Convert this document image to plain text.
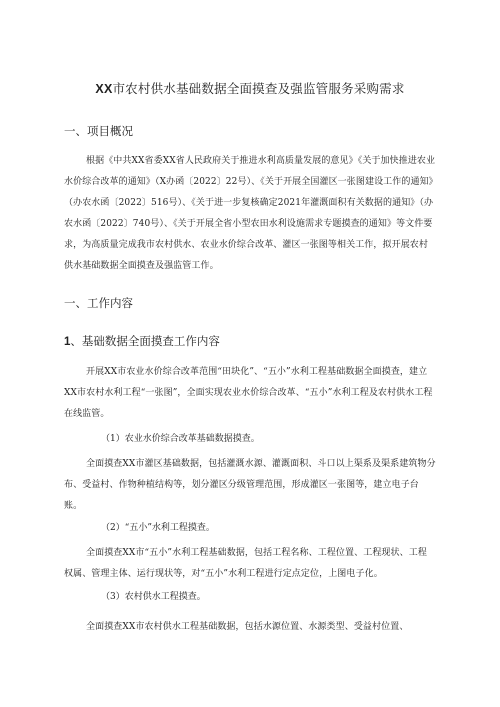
XX市农村供水基础数据全面摸查及强监管服务采购需求
一、项目概况

根据《中共XX省委XX省人民政府关于推进水利高质量发展的意见》《关于加快推进农业水价综合改革的通知》（X办函〔2022〕22号）、《关于开展全国灌区一张图建设工作的通知》（办农水函〔2022〕516号）、《关于进一步复核确定2021年灌溉面积有关数据的通知》（办农水函〔2022〕740号）、《关于开展全省小型农田水利设施需求专题摸查的通知》等文件要求，为高质量完成我市农村供水、农业水价综合改革、灌区一张图等相关工作，拟开展农村供水基础数据全面摸查及强监管工作。

一、工作内容
1、基础数据全面摸查工作内容

开展XX市农业水价综合改革范围“田块化”、“五小”水利工程基础数据全面摸查，建立XX市农村水利工程“一张图”，全面实现农业水价综合改革、“五小”水利工程及农村供水工程在线监管。

（1）农业水价综合改革基础数据摸查。

全面摸查XX市灌区基础数据，包括灌溉水源、灌溉面积、斗口以上渠系及渠系建筑物分布、受益村、作物种植结构等，划分灌区分级管理范围，形成灌区一张图等，建立电子台账。

（2）“五小”水利工程摸查。

全面摸查XX市“五小”水利工程基础数据，包括工程名称、工程位置、工程现状、工程权属、管理主体、运行现状等，对“五小”水利工程进行定点定位，上图电子化。

（3）农村供水工程摸查。

全面摸查XX市农村供水工程基础数据，包括水源位置、水源类型、受益村位置、
